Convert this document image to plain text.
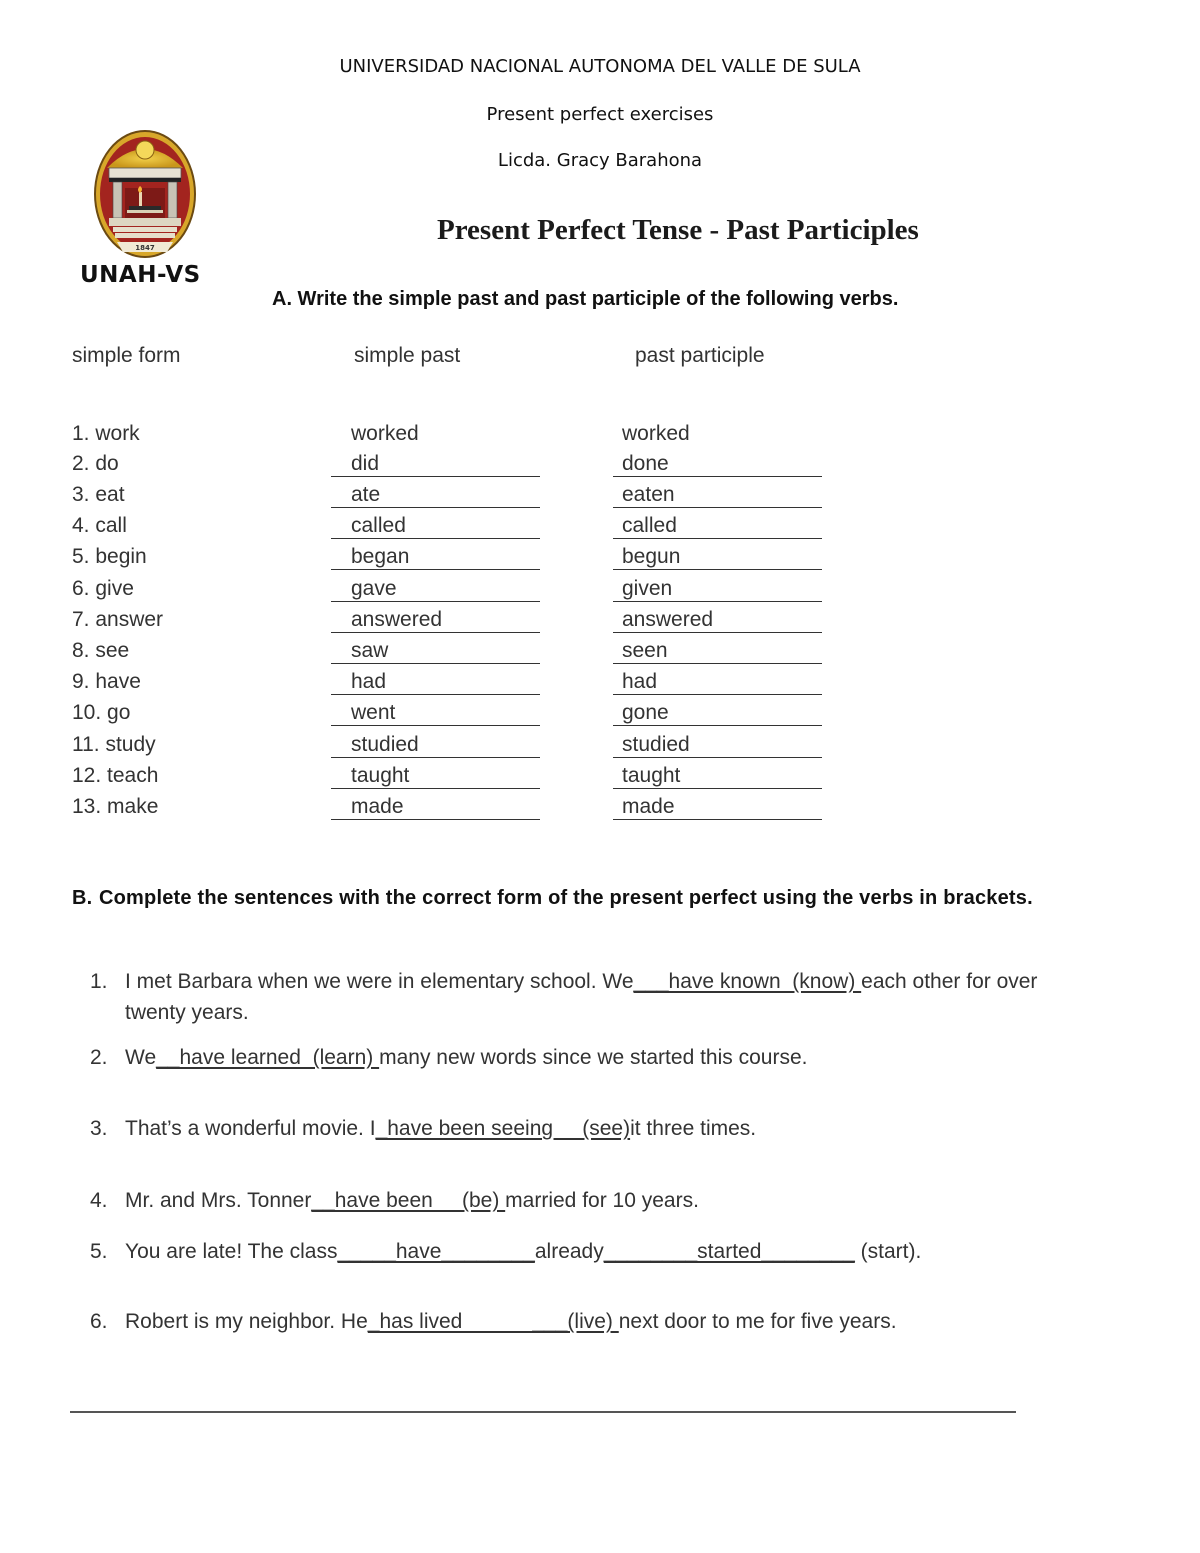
UNIVERSIDAD NACIONAL AUTONOMA DEL VALLE DE SULA
Present perfect exercises
Licda. Gracy Barahona
1847
UNAH-VS
Present Perfect Tense - Past Participles
A. Write the simple past and past participle of the following verbs.
simple form	simple past	past participle
1. work	worked	worked
2. do	did	done
3. eat	ate	eaten
4. call	called	called
5. begin	began	begun
6. give	gave	given
7. answer	answered	answered
8. see	saw	seen
9. have	had	had
10. go	went	gone
11. study	studied	studied
12. teach	taught	taught
13. make	made	made
B. Complete the sentences with the correct form of the present perfect using the verbs in brackets.
1. I met Barbara when we were in elementary school. We___have known  (know) each other for over twenty years.
2. We__have learned  (learn) many new words since we started this course.
3. That’s a wonderful movie. I_have been seeing     (see)it three times.
4. Mr. and Mrs. Tonner__have been     (be) married for 10 years.
5. You are late! The class_____have________already________started________ (start).
6. Robert is my neighbor. He_has lived            ___(live) next door to me for five years.
